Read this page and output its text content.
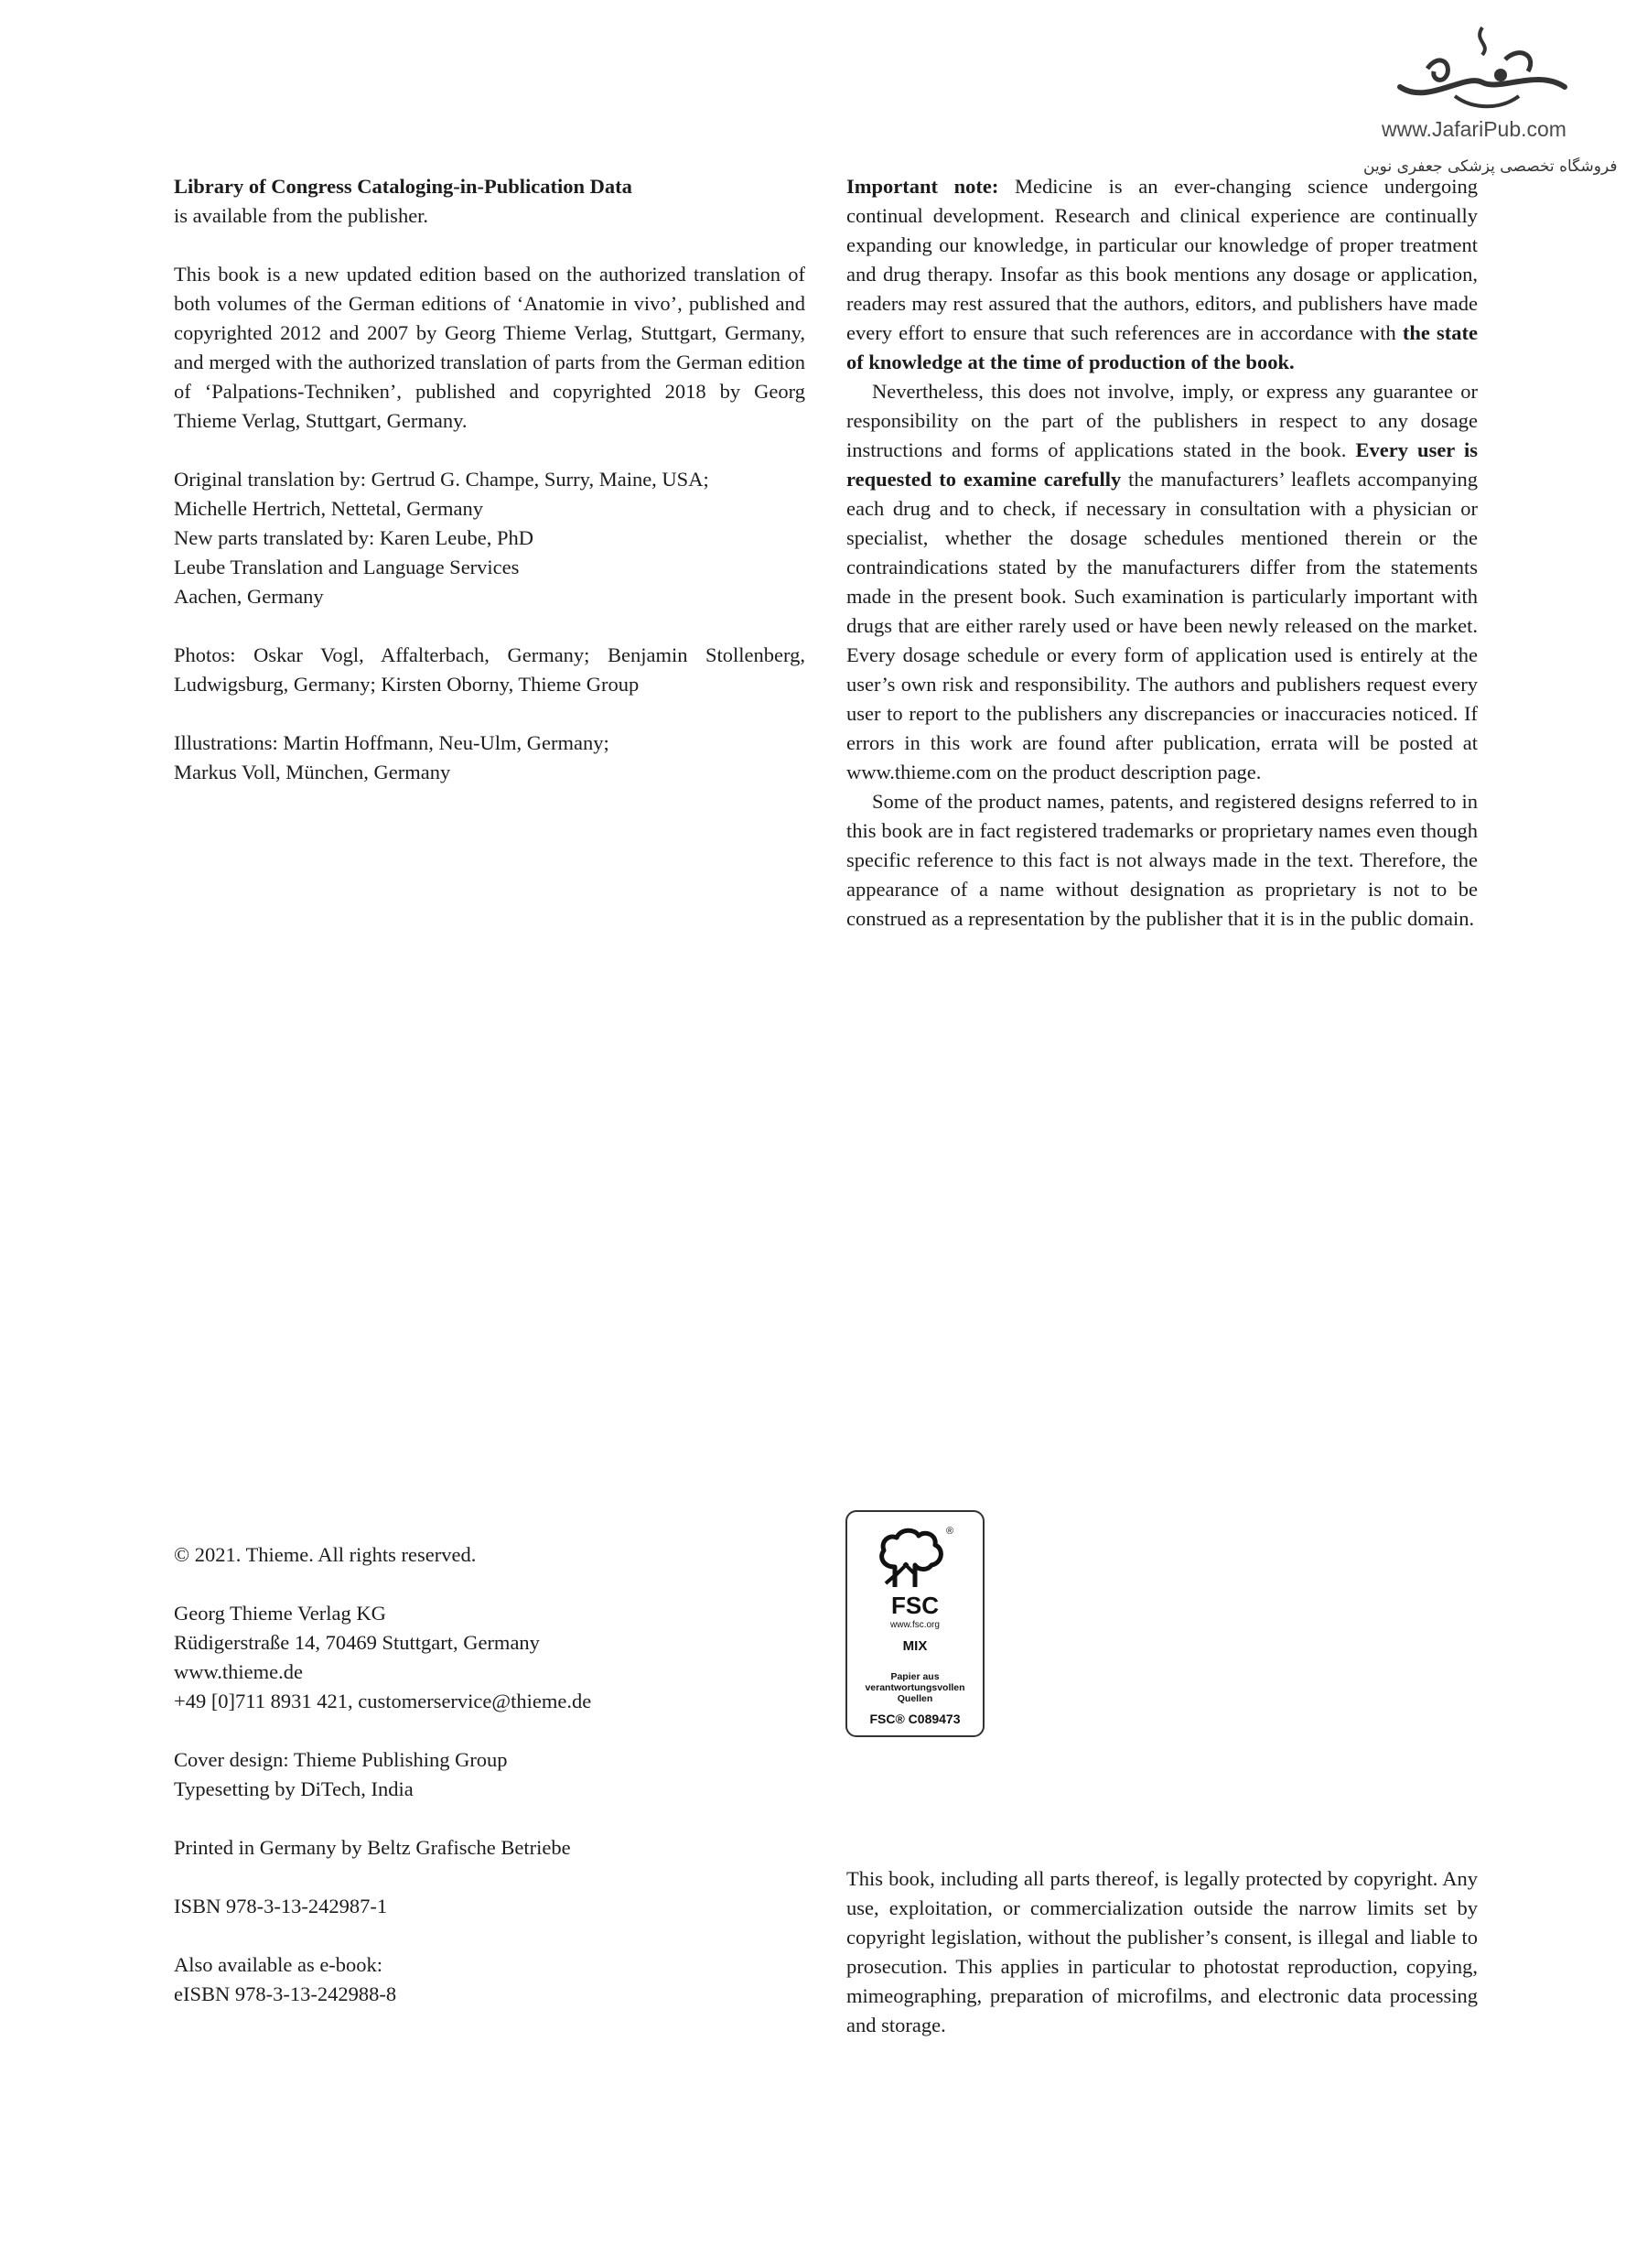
www.JafariPub.com
فروشگاه تخصصی پزشکی جعفری نوین
Library of Congress Cataloging-in-Publication Data
is available from the publisher.
This book is a new updated edition based on the authorized translation of both volumes of the German editions of ‘Anatomie in vivo’, published and copyrighted 2012 and 2007 by Georg Thieme Verlag, Stuttgart, Germany, and merged with the authorized translation of parts from the German edition of ‘Palpations-Techniken’, published and copyrighted 2018 by Georg Thieme Verlag, Stuttgart, Germany.
Original translation by: Gertrud G. Champe, Surry, Maine, USA;
Michelle Hertrich, Nettetal, Germany
New parts translated by: Karen Leube, PhD
Leube Translation and Language Services
Aachen, Germany
Photos: Oskar Vogl, Affalterbach, Germany; Benjamin Stollenberg, Ludwigsburg, Germany; Kirsten Oborny, Thieme Group
Illustrations: Martin Hoffmann, Neu-Ulm, Germany;
Markus Voll, München, Germany

Important note: Medicine is an ever-changing science undergoing continual development. Research and clinical experience are continually expanding our knowledge, in particular our knowledge of proper treatment and drug therapy. Insofar as this book mentions any dosage or application, readers may rest assured that the authors, editors, and publishers have made every effort to ensure that such references are in accordance with the state of knowledge at the time of production of the book.

Nevertheless, this does not involve, imply, or express any guarantee or responsibility on the part of the publishers in respect to any dosage instructions and forms of applications stated in the book. Every user is requested to examine carefully the manufacturers’ leaflets accompanying each drug and to check, if necessary in consultation with a physician or specialist, whether the dosage schedules mentioned therein or the contraindications stated by the manufacturers differ from the statements made in the present book. Such examination is particularly important with drugs that are either rarely used or have been newly released on the market. Every dosage schedule or every form of application used is entirely at the user’s own risk and responsibility. The authors and publishers request every user to report to the publishers any discrepancies or inaccuracies noticed. If errors in this work are found after publication, errata will be posted at www.thieme.com on the product description page.

Some of the product names, patents, and registered designs referred to in this book are in fact registered trademarks or proprietary names even though specific reference to this fact is not always made in the text. Therefore, the appearance of a name without designation as proprietary is not to be construed as a representation by the publisher that it is in the public domain.

© 2021. Thieme. All rights reserved.
Georg Thieme Verlag KG
Rüdigerstraße 14, 70469 Stuttgart, Germany
www.thieme.de
+49 [0]711 8931 421, customerservice@thieme.de
Cover design: Thieme Publishing Group
Typesetting by DiTech, India
Printed in Germany by Beltz Grafische Betriebe
ISBN 978-3-13-242987-1
Also available as e-book:
eISBN 978-3-13-242988-8
®
FSC
www.fsc.org
MIX
Papier aus verantwortungsvollen Quellen
FSC® C089473
This book, including all parts thereof, is legally protected by copyright. Any use, exploitation, or commercialization outside the narrow limits set by copyright legislation, without the publisher’s consent, is illegal and liable to prosecution. This applies in particular to photostat reproduction, copying, mimeographing, preparation of microfilms, and electronic data processing and storage.
